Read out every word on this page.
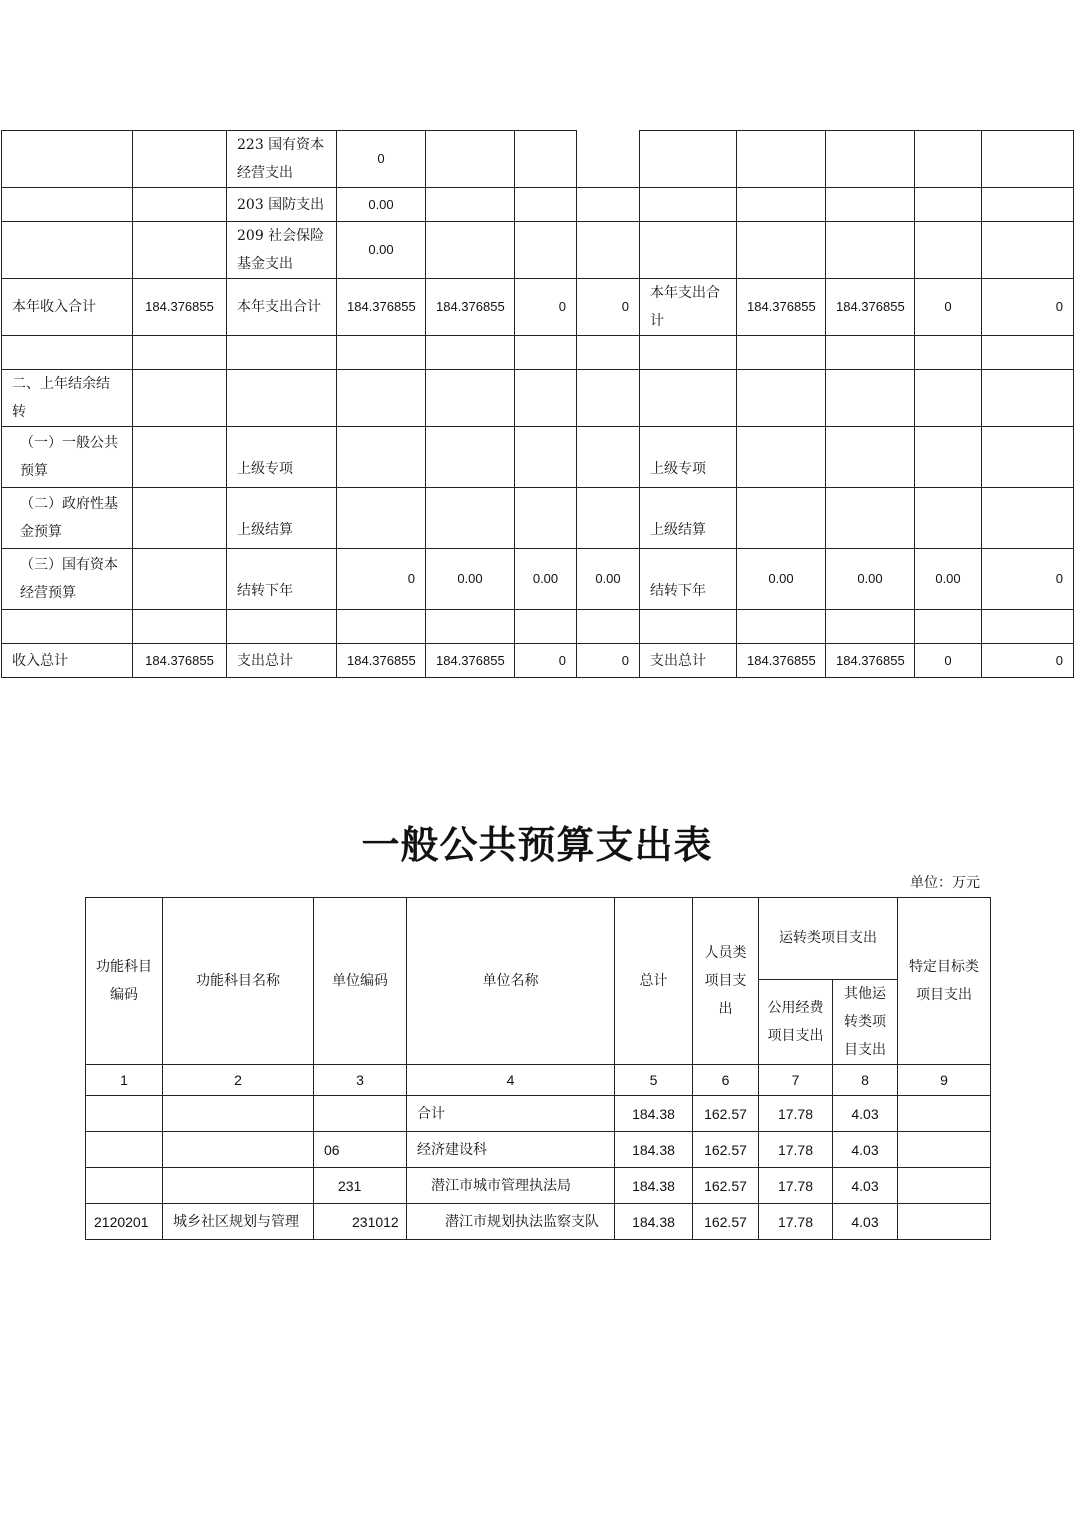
		223 国有资本经营支出	0								
		203 国防支出	0.00								
		209 社会保险基金支出	0.00								
本年收入合计	184.376855	本年支出合计	184.376855	184.376855	0	0	本年支出合计	184.376855	184.376855	0	0

二、上年结余结转											
（一）一般公共预算		上级专项					上级专项				
（二）政府性基金预算		上级结算					上级结算				
（三）国有资本经营预算		结转下年	0	0.00	0.00	0.00	结转下年	0.00	0.00	0.00	0

收入总计	184.376855	支出总计	184.376855	184.376855	0	0	支出总计	184.376855	184.376855	0	0
一般公共预算支出表
单位：万元
功能科目编码	功能科目名称	单位编码	单位名称	总计	人员类项目支出	运转类项目支出		特定目标类项目支出
						公用经费项目支出	其他运转类项目支出	
1	2	3	4	5	6	7	8	9
			合计	184.38	162.57	17.78	4.03	
		06	经济建设科	184.38	162.57	17.78	4.03	
		231	潜江市城市管理执法局	184.38	162.57	17.78	4.03	
2120201	城乡社区规划与管理	231012	潜江市规划执法监察支队	184.38	162.57	17.78	4.03	
